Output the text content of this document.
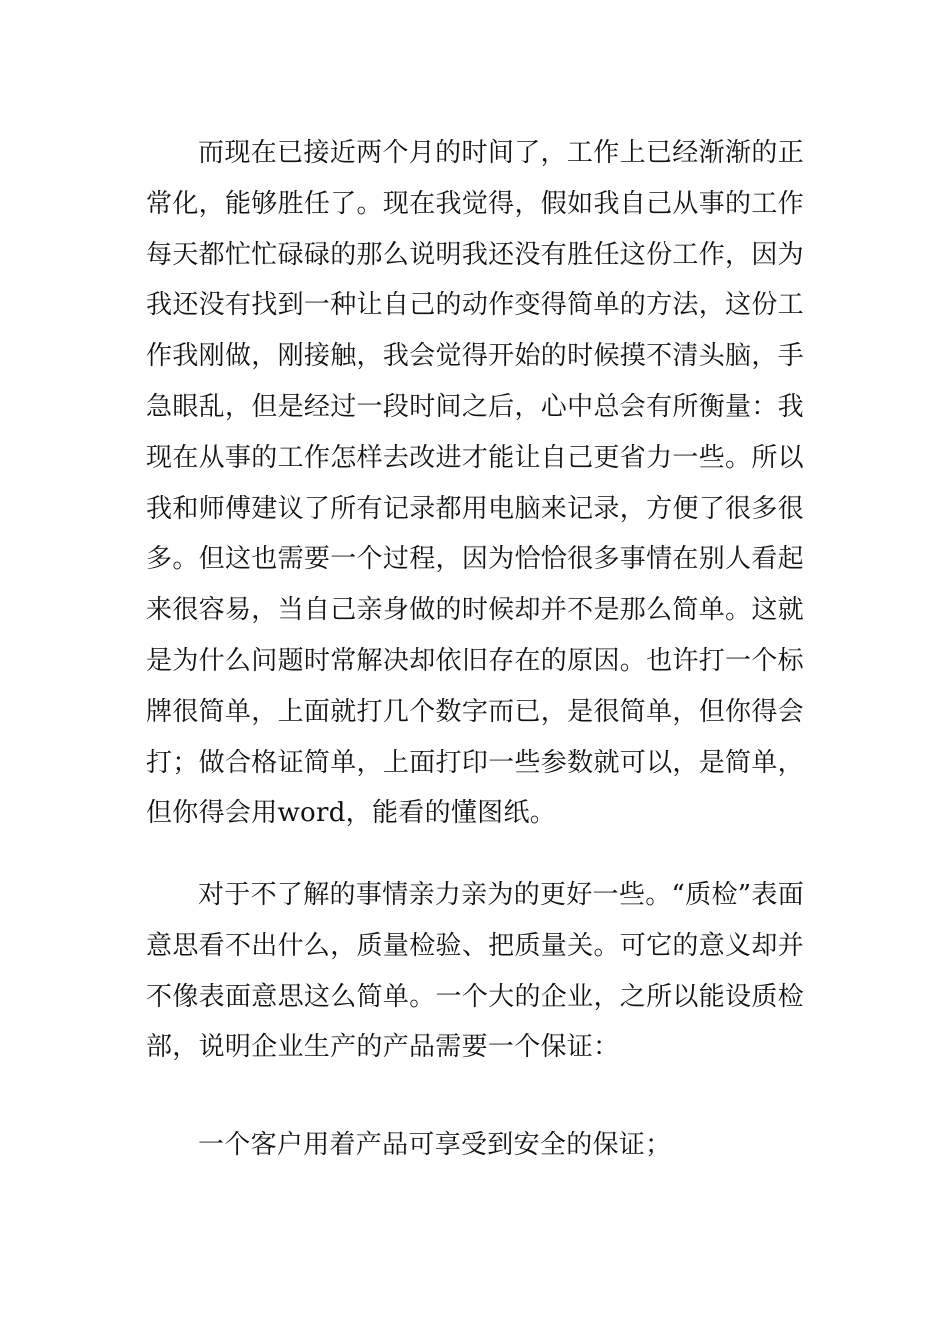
而现在已接近两个月的时间了，工作上已经渐渐的正常化，能够胜任了。现在我觉得，假如我自己从事的工作每天都忙忙碌碌的那么说明我还没有胜任这份工作，因为我还没有找到一种让自己的动作变得简单的方法，这份工作我刚做，刚接触，我会觉得开始的时候摸不清头脑，手急眼乱，但是经过一段时间之后，心中总会有所衡量：我现在从事的工作怎样去改进才能让自己更省力一些。所以我和师傅建议了所有记录都用电脑来记录，方便了很多很多。但这也需要一个过程，因为恰恰很多事情在别人看起来很容易，当自己亲身做的时候却并不是那么简单。这就是为什么问题时常解决却依旧存在的原因。也许打一个标牌很简单，上面就打几个数字而已，是很简单，但你得会打；做合格证简单，上面打印一些参数就可以，是简单，但你得会用word，能看的懂图纸。

对于不了解的事情亲力亲为的更好一些。“质检”表面意思看不出什么，质量检验、把质量关。可它的意义却并不像表面意思这么简单。一个大的企业，之所以能设质检部，说明企业生产的产品需要一个保证：

一个客户用着产品可享受到安全的保证；
